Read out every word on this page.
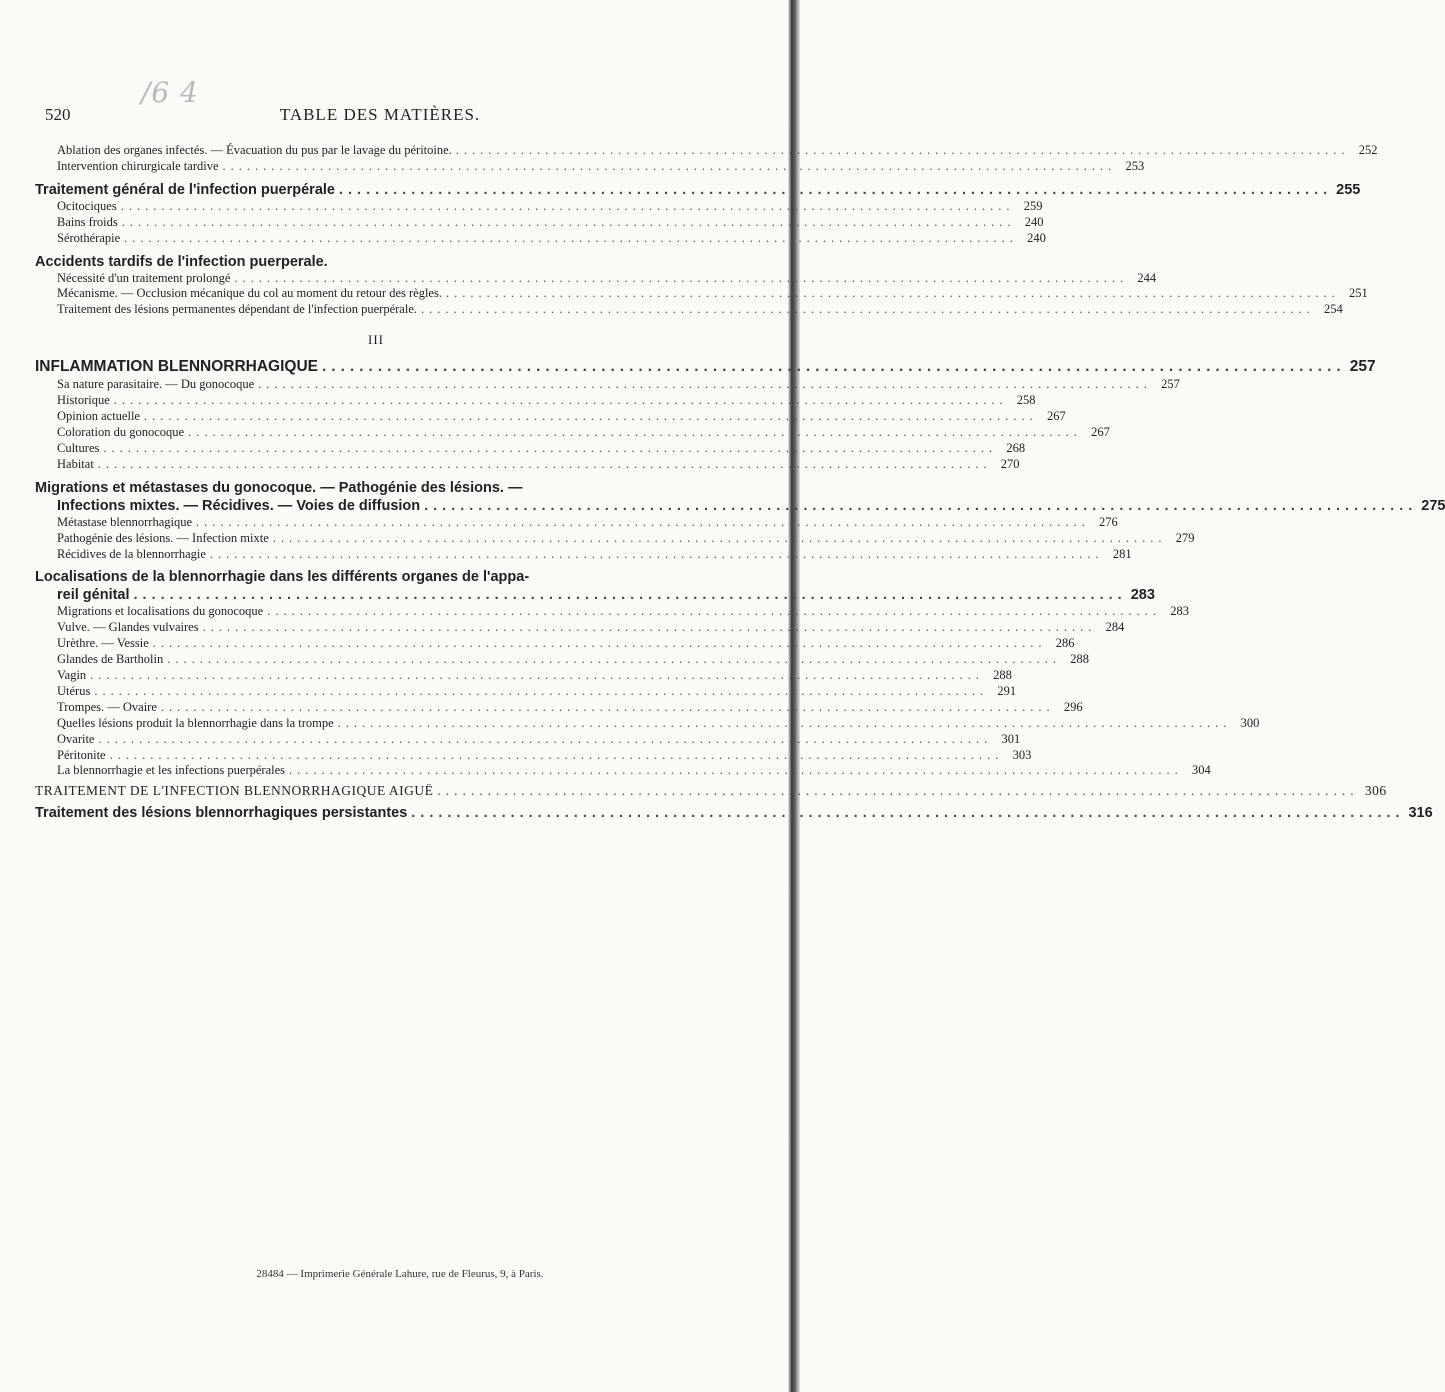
/6 4
TABLE DES MATIÈRES.
520
Ablation des organes infectés. — Évacuation du pus par le lavage du péritoine. .............................................................................................................. 252
Intervention chirurgicale tardive .............................................................................................................. 253
Traitement général de l'infection puerpérale .............................................................................................................. 255
Ocitociques .............................................................................................................. 259
Bains froids .............................................................................................................. 240
Sérothérapie .............................................................................................................. 240
Accidents tardifs de l'infection puerperale.
Nécessité d'un traitement prolongé .............................................................................................................. 244
Mécanisme. — Occlusion mécanique du col au moment du retour des règles. .............................................................................................................. 251
Traitement des lésions permanentes dépendant de l'infection puerpérale. .............................................................................................................. 254
III
INFLAMMATION BLENNORRHAGIQUE .............................................................................................................. 257
Sa nature parasitaire. — Du gonocoque .............................................................................................................. 257
Historique .............................................................................................................. 258
Opinion actuelle .............................................................................................................. 267
Coloration du gonocoque .............................................................................................................. 267
Cultures .............................................................................................................. 268
Habitat .............................................................................................................. 270
Migrations et métastases du gonocoque. — Pathogénie des lésions. —
Infections mixtes. — Récidives. — Voies de diffusion .............................................................................................................. 275
Métastase blennorrhagique .............................................................................................................. 276
Pathogénie des lésions. — Infection mixte .............................................................................................................. 279
Récidives de la blennorrhagie .............................................................................................................. 281
Localisations de la blennorrhagie dans les différents organes de l'appa-
reil génital .............................................................................................................. 283
Migrations et localisations du gonocoque .............................................................................................................. 283
Vulve. — Glandes vulvaires .............................................................................................................. 284
Urèthre. — Vessie .............................................................................................................. 286
Glandes de Bartholin .............................................................................................................. 288
Vagin .............................................................................................................. 288
Utérus .............................................................................................................. 291
Trompes. — Ovaire .............................................................................................................. 296
Quelles lésions produit la blennorrhagie dans la trompe .............................................................................................................. 300
Ovarite .............................................................................................................. 301
Péritonite .............................................................................................................. 303
La blennorrhagie et les infections puerpérales .............................................................................................................. 304
TRAITEMENT DE L'INFECTION BLENNORRHAGIQUE AIGUË .............................................................................................................. 306
Traitement des lésions blennorrhagiques persistantes .............................................................................................................. 316
28484 — Imprimerie Générale Lahure, rue de Fleurus, 9, à Paris.
